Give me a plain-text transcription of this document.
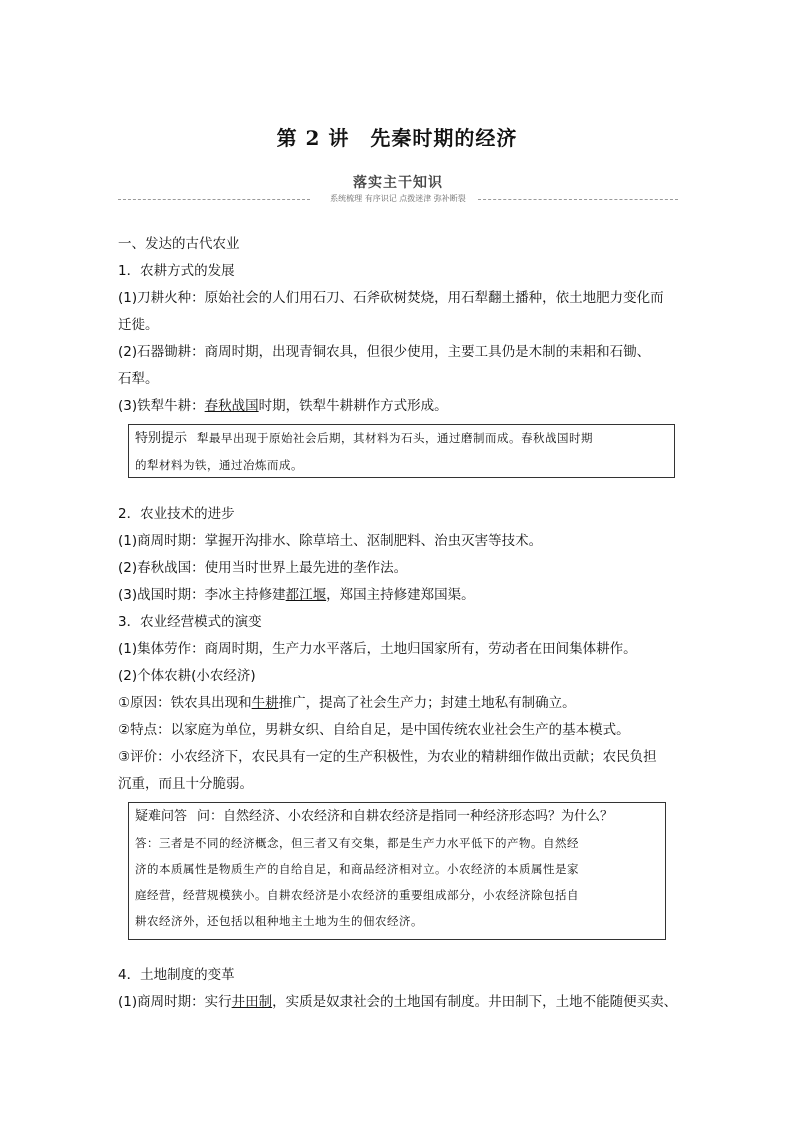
第 2 讲　先秦时期的经济
落实主干知识
系统梳理 有序识记 点拨迷津 弥补断裂
一、发达的古代农业
1．农耕方式的发展
(1)刀耕火种：原始社会的人们用石刀、石斧砍树焚烧，用石犁翻土播种，依土地肥力变化而
迁徙。
(2)石器锄耕：商周时期，出现青铜农具，但很少使用，主要工具仍是木制的耒耜和石锄、
石犁。
(3)铁犁牛耕：春秋战国时期，铁犁牛耕耕作方式形成。
特别提示 犁最早出现于原始社会后期，其材料为石头，通过磨制而成。春秋战国时期
的犁材料为铁，通过冶炼而成。
2．农业技术的进步
(1)商周时期：掌握开沟排水、除草培土、沤制肥料、治虫灭害等技术。
(2)春秋战国：使用当时世界上最先进的垄作法。
(3)战国时期：李冰主持修建都江堰，郑国主持修建郑国渠。
3．农业经营模式的演变
(1)集体劳作：商周时期，生产力水平落后，土地归国家所有，劳动者在田间集体耕作。
(2)个体农耕(小农经济)
①原因：铁农具出现和牛耕推广，提高了社会生产力；封建土地私有制确立。
②特点：以家庭为单位，男耕女织、自给自足，是中国传统农业社会生产的基本模式。
③评价：小农经济下，农民具有一定的生产积极性，为农业的精耕细作做出贡献；农民负担
沉重，而且十分脆弱。
疑难问答 问：自然经济、小农经济和自耕农经济是指同一种经济形态吗？为什么？
答：三者是不同的经济概念，但三者又有交集，都是生产力水平低下的产物。自然经
济的本质属性是物质生产的自给自足，和商品经济相对立。小农经济的本质属性是家
庭经营，经营规模狭小。自耕农经济是小农经济的重要组成部分，小农经济除包括自
耕农经济外，还包括以租种地主土地为生的佃农经济。
4．土地制度的变革
(1)商周时期：实行井田制，实质是奴隶社会的土地国有制度。井田制下，土地不能随便买卖、
